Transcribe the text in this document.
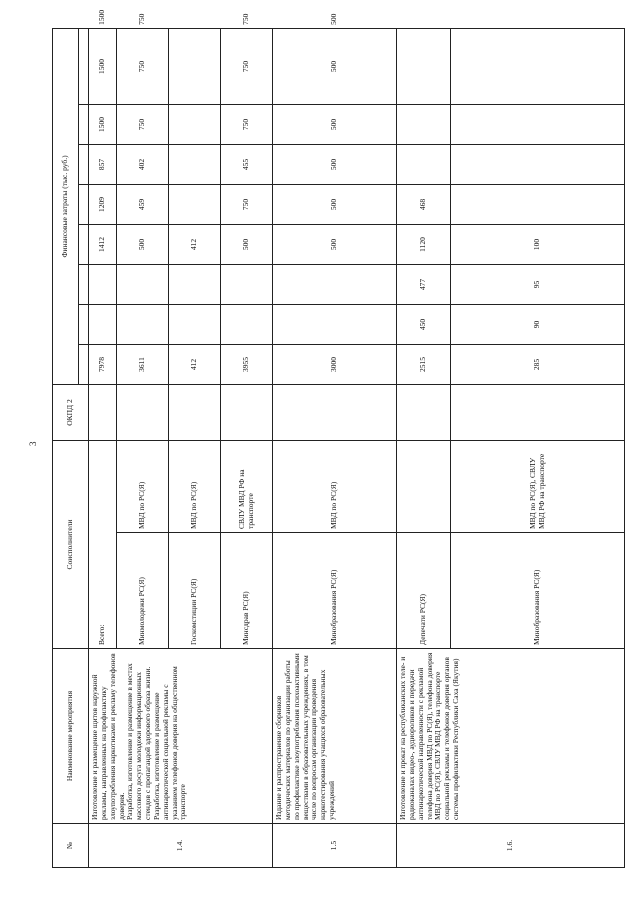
3
№	Наименование мероприятия	Соисполнители		ОКПД 2	Финансовые затраты (тыс. руб.)								

1.4.	Изготовление и размещение щитов наружной рекламы, направленных на профилактику злоупотребления наркотиками и рекламу телефонов доверия. Разработка, изготовление и размещение в местах массового досуга молодежи информационных стендов с пропагандой здорового образа жизни. Разработка, изготовление и размещение антинаркотической социальной рекламы с указанием телефонов доверия на общественном транспорте	Всего:			7978			1412	1209	857	1500	1500	1500
		Минмолодежи РС(Я)	МВД по РС(Я)		3611			500	459	402	750	750	750
		Госкомстиции РС(Я)	МВД по РС(Я)		412			412					
		Минсдрав РС(Я)	СВЛУ МВД РФ на транспорте		3955			500	750	455	750	750	750
1.5	Издание и распространение сборников методических материалов по организации работы по профилактике злоупотребления психоактивными веществами в образовательных учреждениях, в том числе по вопросам организации проведения наркотестирования учащихся образовательных учреждений	Минобразования РС(Я)	МВД по РС(Я)		3000			500	500	500	500	500	500
1.6.	Изготовление и прокат на республиканских теле- и радиоканалах видео-, аудиороликов и передачи антинаркотической направленности с рекламой телефона доверия МВД по РС(Я), телефона доверия МВД по РС(Я), СВЛУ МВД РФ на транспорте социальной рекламы и телефонов доверия органов системы профилактики Республики Саха (Якутия)	Депечати РС(Я)			2515	450	477	1120	468				
		Минобразования РС(Я)	МВД по РС(Я), СВЛУ МВД РФ на транспорте		285	90	95	100					
